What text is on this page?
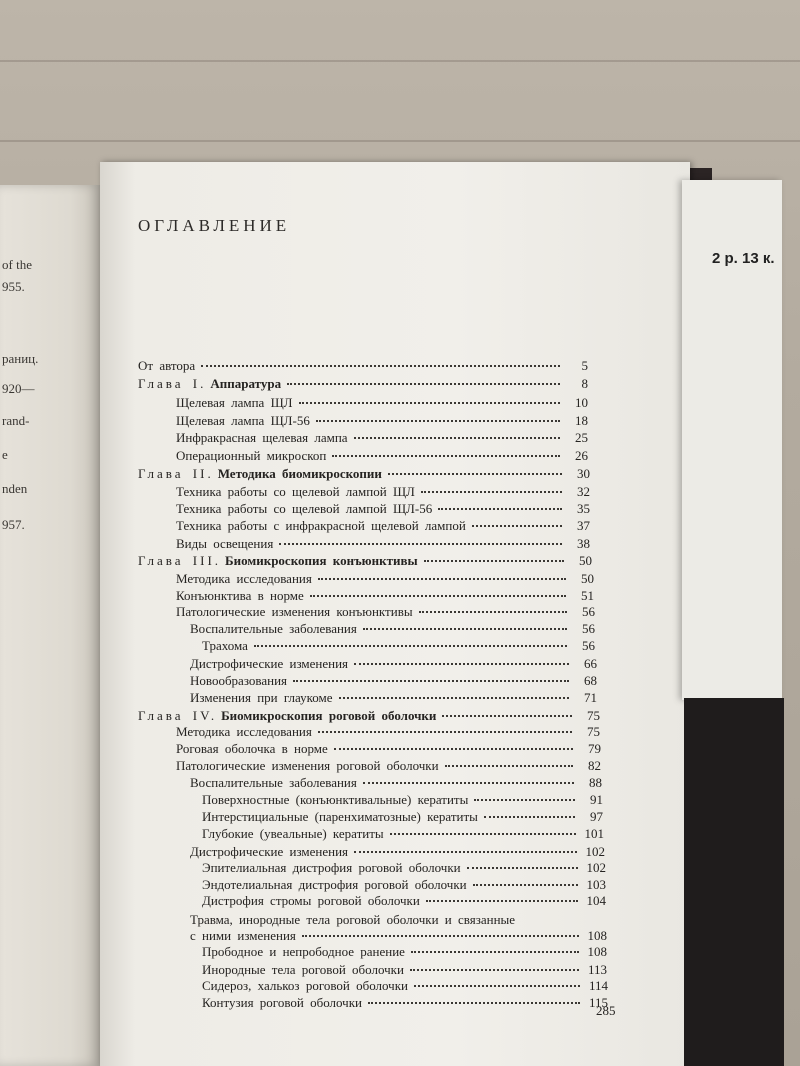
of the
955.
раниц.
920—
rand-
e
nden
957.
2 р. 13 к.
ОГЛАВЛЕНИЕ
От автора	5
Глава I. Аппаратура	8
Щелевая лампа ЩЛ	10
Щелевая лампа ЩЛ-56	18
Инфракрасная щелевая лампа	25
Операционный микроскоп	26
Глава II. Методика биомикроскопии	30
Техника работы со щелевой лампой ЩЛ	32
Техника работы со щелевой лампой ЩЛ-56	35
Техника работы с инфракрасной щелевой лампой	37
Виды освещения	38
Глава III. Биомикроскопия конъюнктивы	50
Методика исследования	50
Конъюнктива в норме	51
Патологические изменения конъюнктивы	56
Воспалительные заболевания	56
Трахома	56
Дистрофические изменения	66
Новообразования	68
Изменения при глаукоме	71
Глава IV. Биомикроскопия роговой оболочки	75
Методика исследования	75
Роговая оболочка в норме	79
Патологические изменения роговой оболочки	82
Воспалительные заболевания	88
Поверхностные (конъюнктивальные) кератиты	91
Интерстициальные (паренхиматозные) кератиты	97
Глубокие (увеальные) кератиты	101
Дистрофические изменения	102
Эпителиальная дистрофия роговой оболочки	102
Эндотелиальная дистрофия роговой оболочки	103
Дистрофия стромы роговой оболочки	104
Травма, инородные тела роговой оболочки и связанные
с ними изменения	108
Прободное и непрободное ранение	108
Инородные тела роговой оболочки	113
Сидероз, халькоз роговой оболочки	114
Контузия роговой оболочки	115
285
